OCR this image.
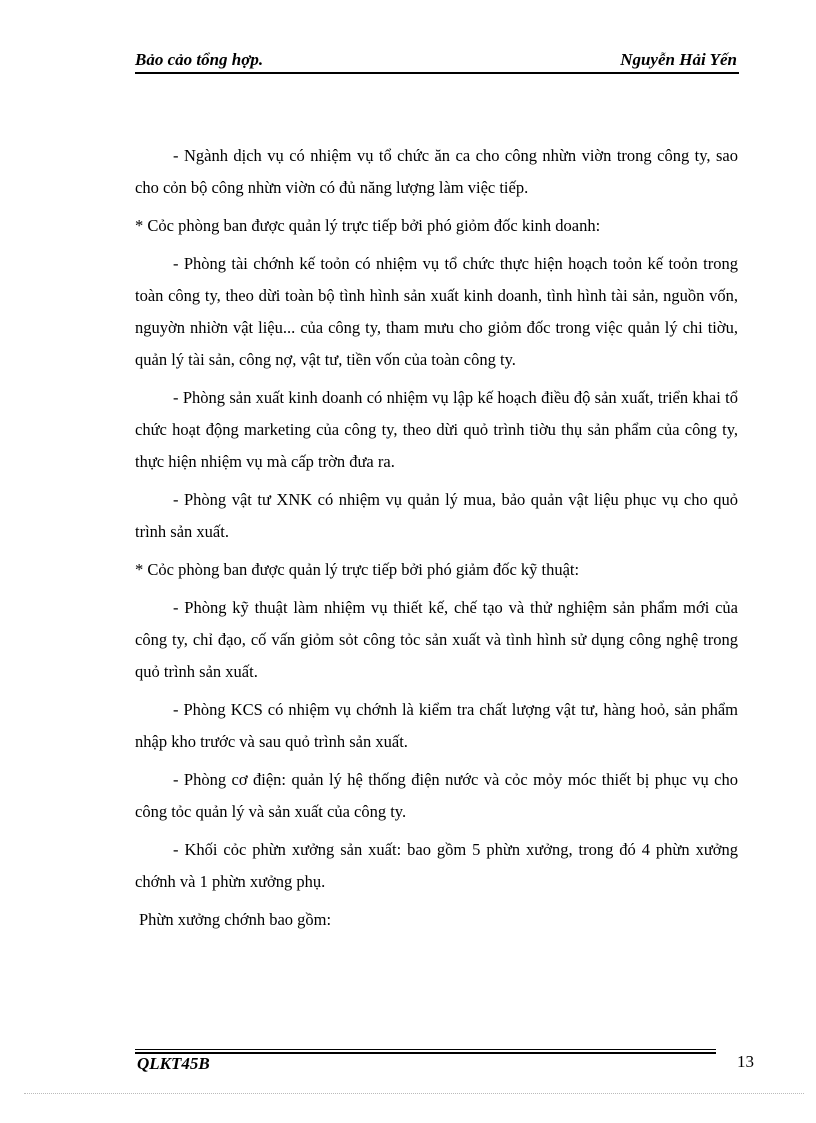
Bảo cảo tổng hợp.	Nguyễn Hải Yến

- Ngành dịch vụ có nhiệm vụ tổ chức ăn ca cho công nhừn viờn trong công ty, sao cho cỏn bộ công nhừn viờn có đủ năng lượng làm việc tiếp.

* Cỏc phòng ban được quản lý trực tiếp bởi phó giỏm đốc kinh doanh:

- Phòng tài chớnh kế toỏn có nhiệm vụ tổ chức thực hiện hoạch toỏn kế toỏn trong toàn công ty, theo dừi toàn bộ tình hình sản xuất kinh doanh, tình hình tài sản, nguồn vốn, nguyờn nhiờn vật liệu... của công ty, tham mưu cho giỏm đốc trong việc quản lý chi tiờu, quản lý tài sản, công nợ, vật tư, tiền vốn của toàn công ty.

- Phòng sản xuất kinh doanh có nhiệm vụ lập kế hoạch điều độ sản xuất, triển khai tổ chức hoạt động marketing của công ty, theo dừi quỏ trình tiờu thụ sản phẩm của công ty, thực hiện nhiệm vụ mà cấp trờn đưa ra.

- Phòng vật tư XNK có nhiệm vụ quản lý mua, bảo quản vật liệu phục vụ cho quỏ trình sản xuất.

* Cỏc phòng ban được quản lý trực tiếp bởi phó giảm đốc kỹ thuật:

- Phòng kỹ thuật làm nhiệm vụ thiết kế, chế tạo và thử nghiệm sản phẩm mới của công ty, chỉ đạo, cố vấn giỏm sỏt công tỏc sản xuất và tình hình sử dụng công nghệ trong quỏ trình sản xuất.

- Phòng KCS có nhiệm vụ chớnh là kiểm tra chất lượng vật tư, hàng hoỏ, sản phẩm nhập kho trước và sau quỏ trình sản xuất.

- Phòng cơ điện: quản lý hệ thống điện nước và cỏc mỏy móc thiết bị phục vụ cho công tỏc quản lý và sản xuất của công ty.

- Khối cỏc phừn xưởng sản xuất: bao gồm 5 phừn xưởng, trong đó 4 phừn xưởng chớnh và 1 phừn xưởng phụ.

Phừn xưởng chớnh bao gồm:

QLKT45B	13
